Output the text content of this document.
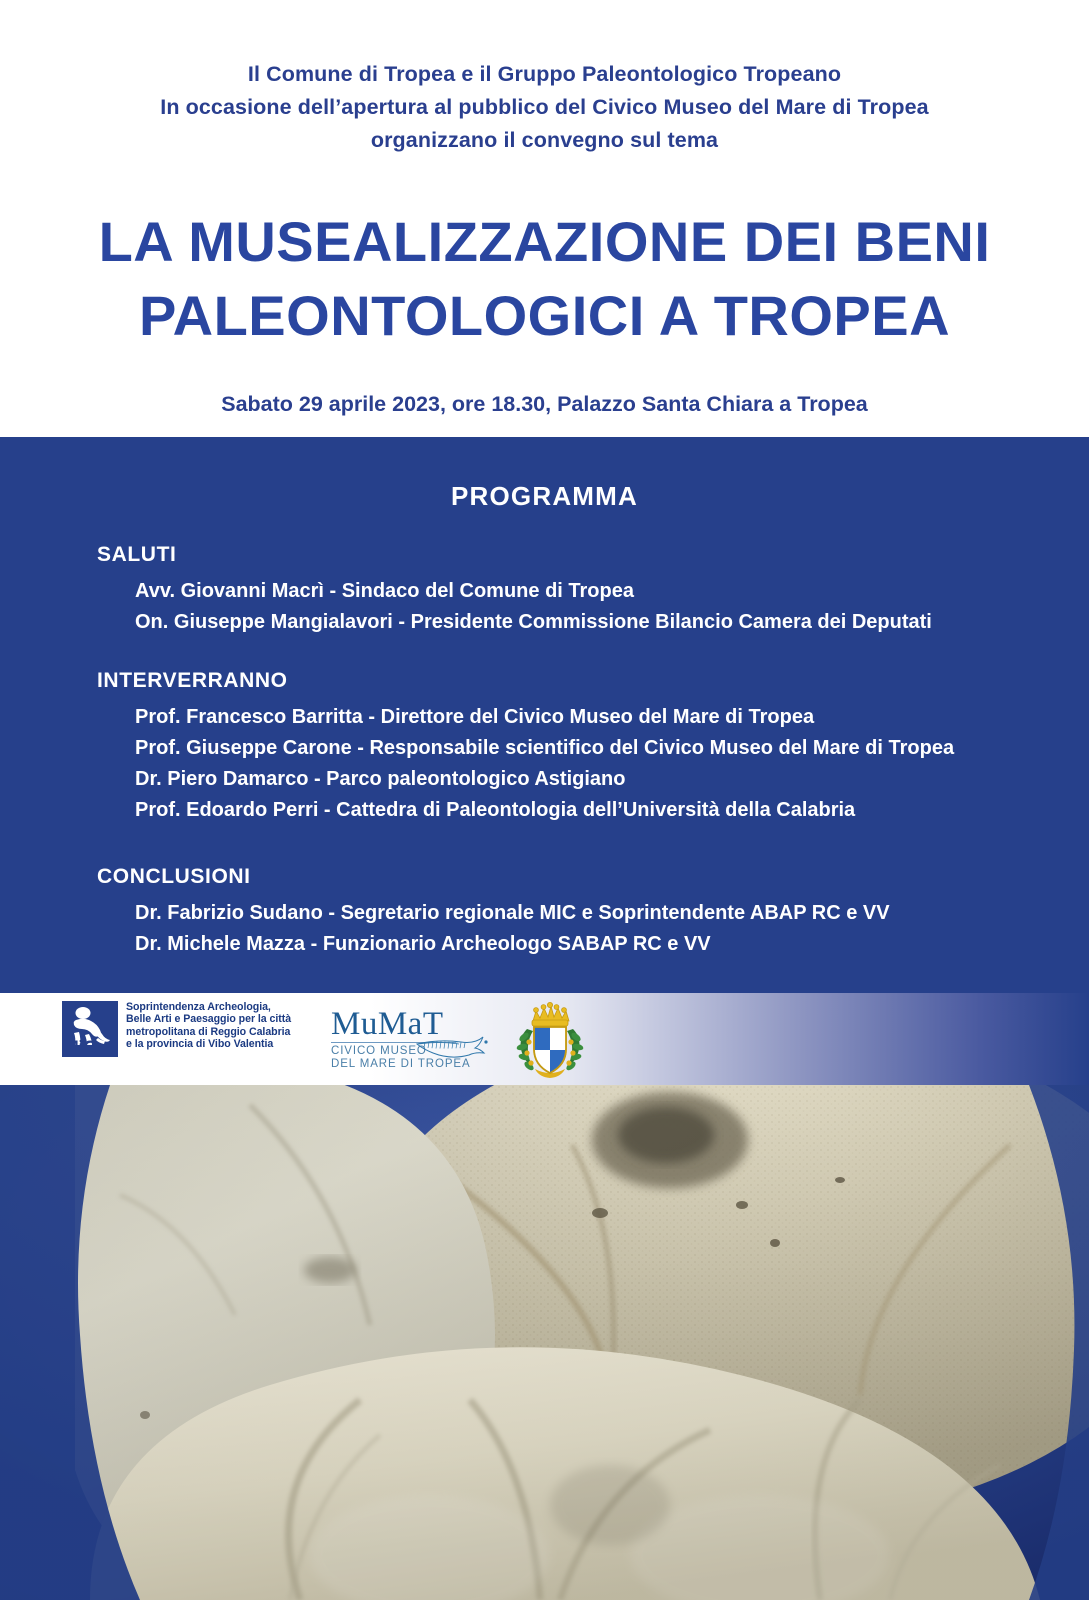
Il Comune di Tropea e il Gruppo Paleontologico Tropeano
In occasione dell’apertura al pubblico del Civico Museo del Mare di Tropea
organizzano il convegno sul tema
LA MUSEALIZZAZIONE DEI BENI
PALEONTOLOGICI A TROPEA
Sabato 29 aprile 2023, ore 18.30, Palazzo Santa Chiara a Tropea
PROGRAMMA
SALUTI
Avv. Giovanni Macrì - Sindaco del Comune di Tropea
On. Giuseppe Mangialavori - Presidente Commissione Bilancio Camera dei Deputati
INTERVERRANNO
Prof. Francesco Barritta - Direttore del Civico Museo del Mare di Tropea
Prof. Giuseppe Carone - Responsabile scientifico del Civico Museo del Mare di Tropea
Dr. Piero Damarco - Parco paleontologico Astigiano
Prof. Edoardo Perri - Cattedra di Paleontologia dell’Università della Calabria
CONCLUSIONI
Dr. Fabrizio Sudano - Segretario regionale MIC e Soprintendente ABAP RC e VV
Dr. Michele Mazza - Funzionario Archeologo SABAP RC e VV
MiC
Soprintendenza Archeologia,
Belle Arti e Paesaggio per la città
metropolitana di Reggio Calabria
e la provincia di Vibo Valentia
MuMaT
CIVICO MUSEO
DEL MARE DI TROPEA
